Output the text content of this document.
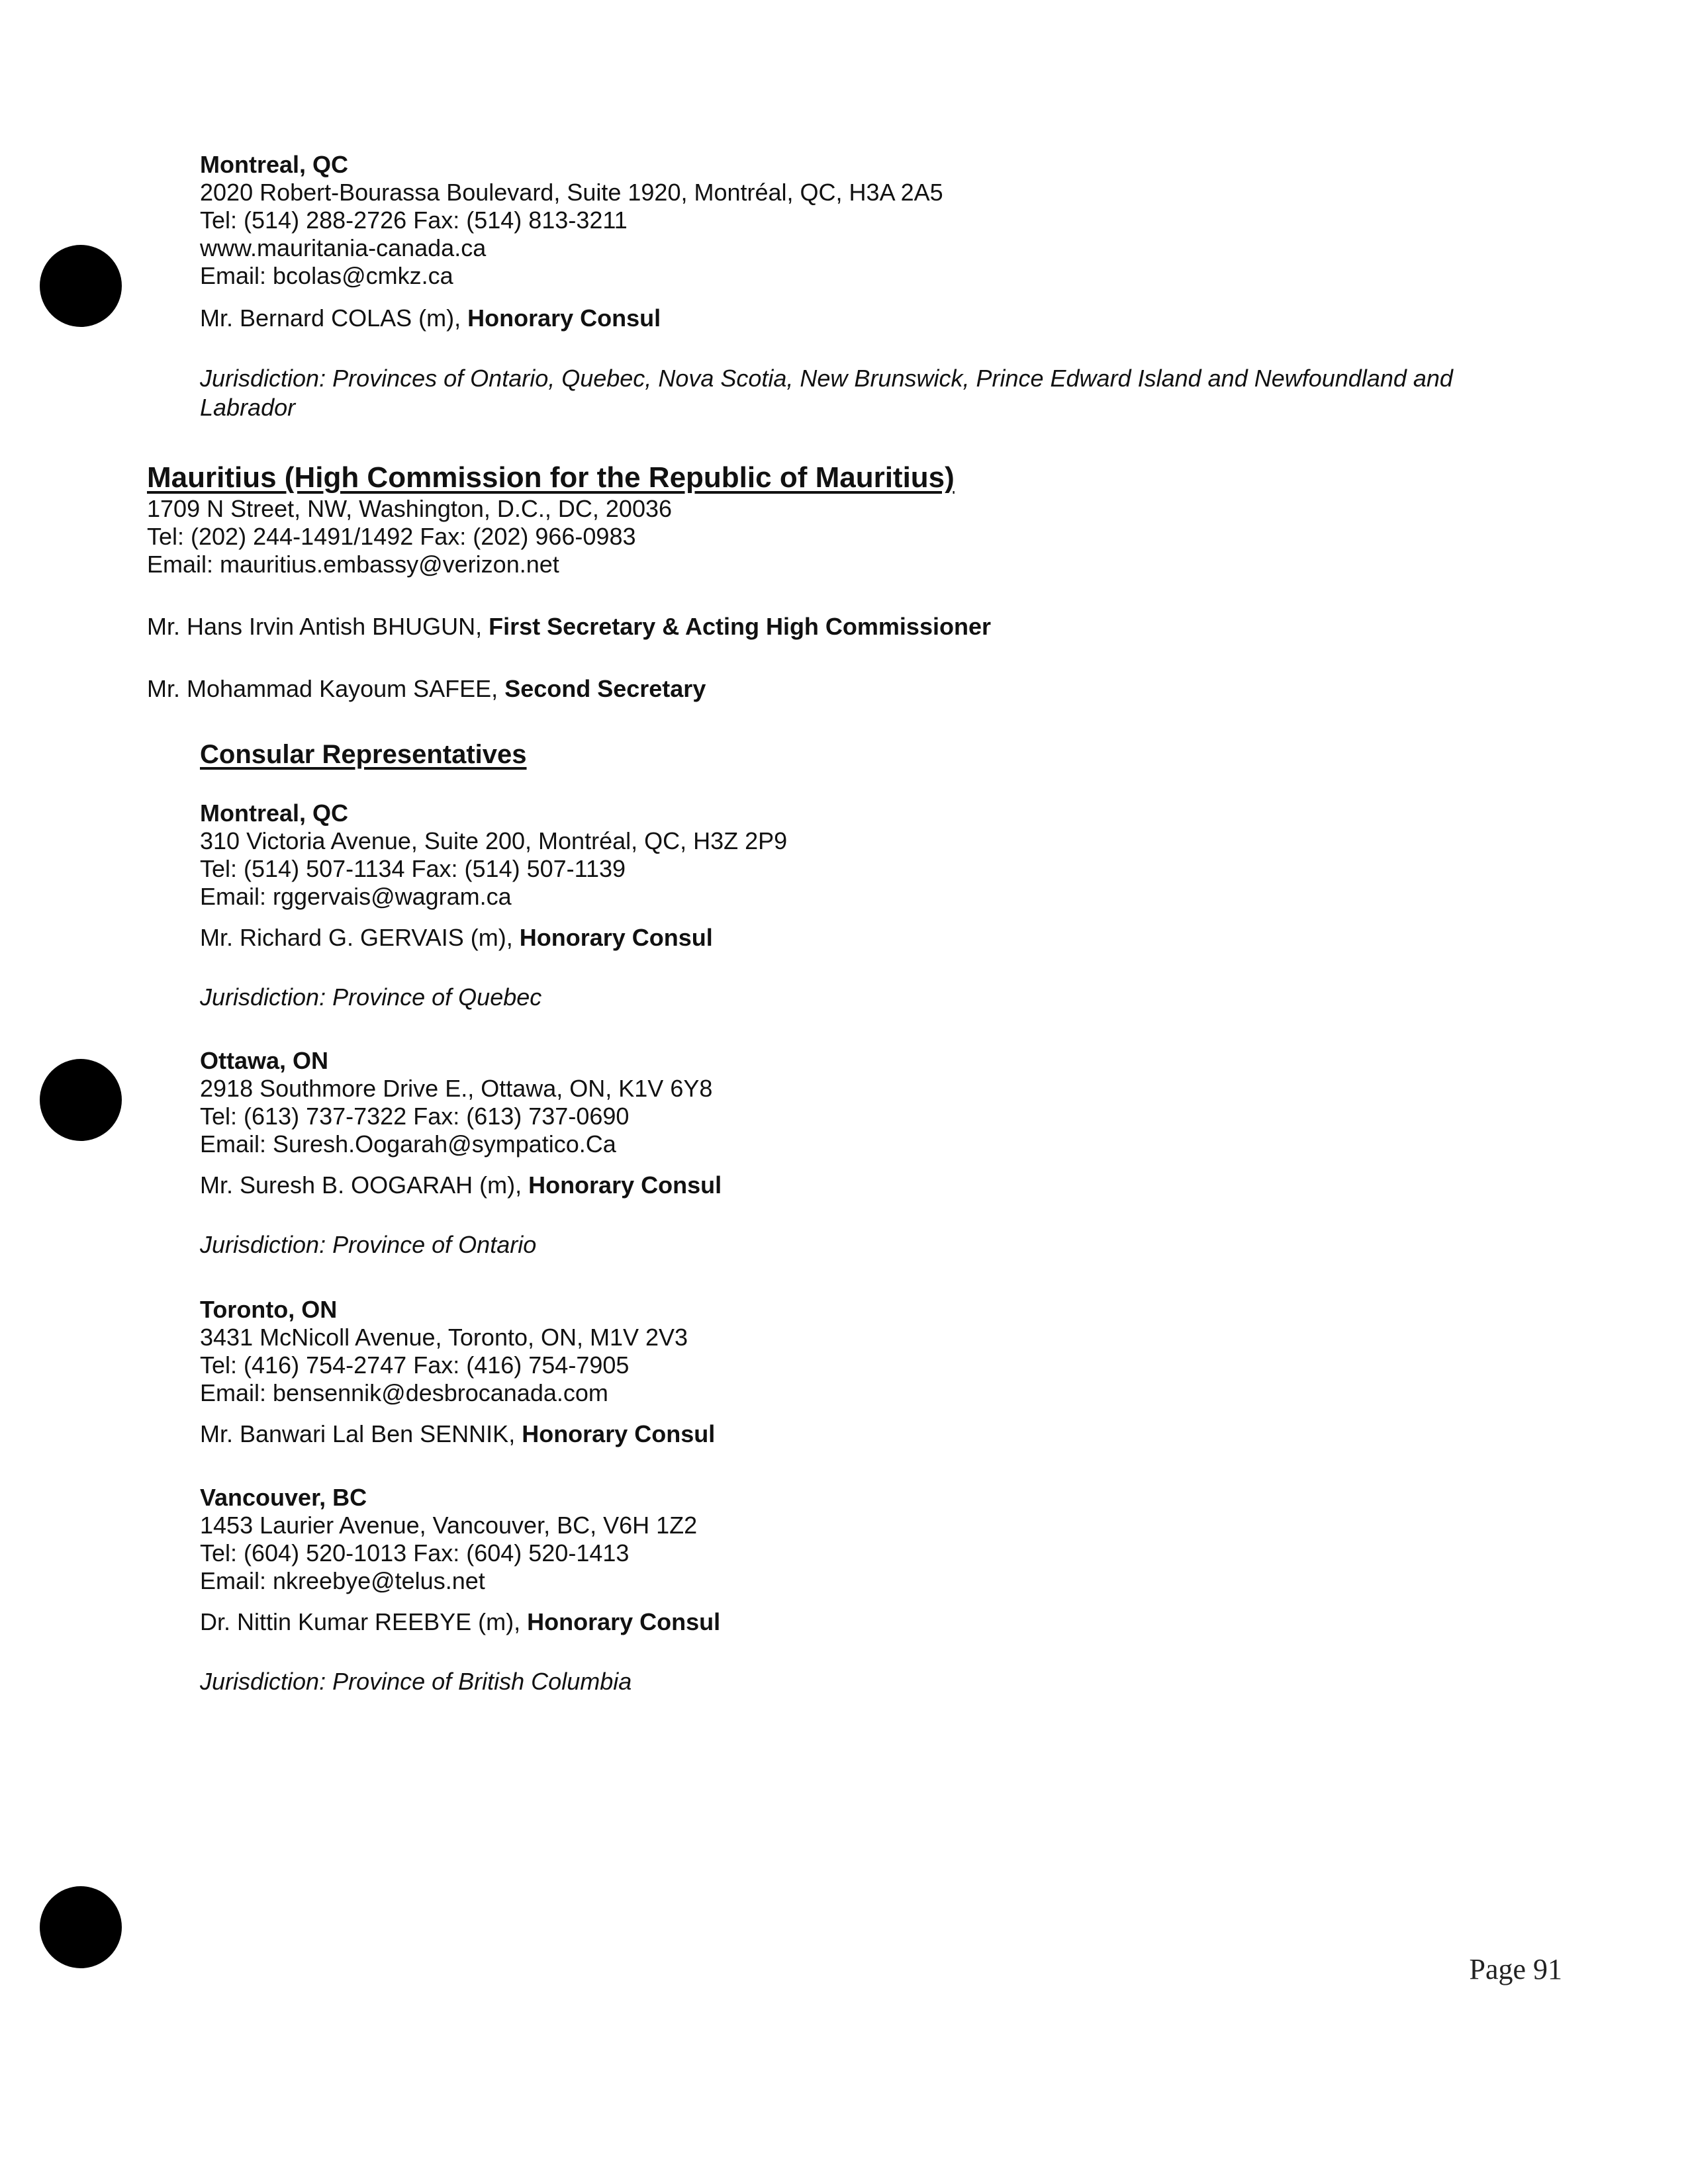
Montreal, QC
2020 Robert-Bourassa Boulevard, Suite 1920, Montréal, QC, H3A 2A5
Tel: (514) 288-2726 Fax: (514) 813-3211
www.mauritania-canada.ca
Email: bcolas@cmkz.ca
Mr. Bernard COLAS (m), Honorary Consul
Jurisdiction: Provinces of Ontario, Quebec, Nova Scotia, New Brunswick, Prince Edward Island and Newfoundland and Labrador
Mauritius (High Commission for the Republic of Mauritius)
1709 N Street, NW, Washington, D.C., DC, 20036
Tel: (202) 244-1491/1492 Fax: (202) 966-0983
Email: mauritius.embassy@verizon.net
Mr. Hans Irvin Antish BHUGUN, First Secretary & Acting High Commissioner
Mr. Mohammad Kayoum SAFEE, Second Secretary
Consular Representatives
Montreal, QC
310 Victoria Avenue, Suite 200, Montréal, QC, H3Z 2P9
Tel: (514) 507-1134 Fax: (514) 507-1139
Email: rggervais@wagram.ca
Mr. Richard G. GERVAIS (m), Honorary Consul
Jurisdiction: Province of Quebec
Ottawa, ON
2918 Southmore Drive E., Ottawa, ON, K1V 6Y8
Tel: (613) 737-7322 Fax: (613) 737-0690
Email: Suresh.Oogarah@sympatico.Ca
Mr. Suresh B. OOGARAH (m), Honorary Consul
Jurisdiction: Province of Ontario
Toronto, ON
3431 McNicoll Avenue, Toronto, ON, M1V 2V3
Tel: (416) 754-2747 Fax: (416) 754-7905
Email: bensennik@desbrocanada.com
Mr. Banwari Lal Ben SENNIK, Honorary Consul
Vancouver, BC
1453 Laurier Avenue, Vancouver, BC, V6H 1Z2
Tel: (604) 520-1013 Fax: (604) 520-1413
Email: nkreebye@telus.net
Dr. Nittin Kumar REEBYE (m), Honorary Consul
Jurisdiction: Province of British Columbia
Page 91
